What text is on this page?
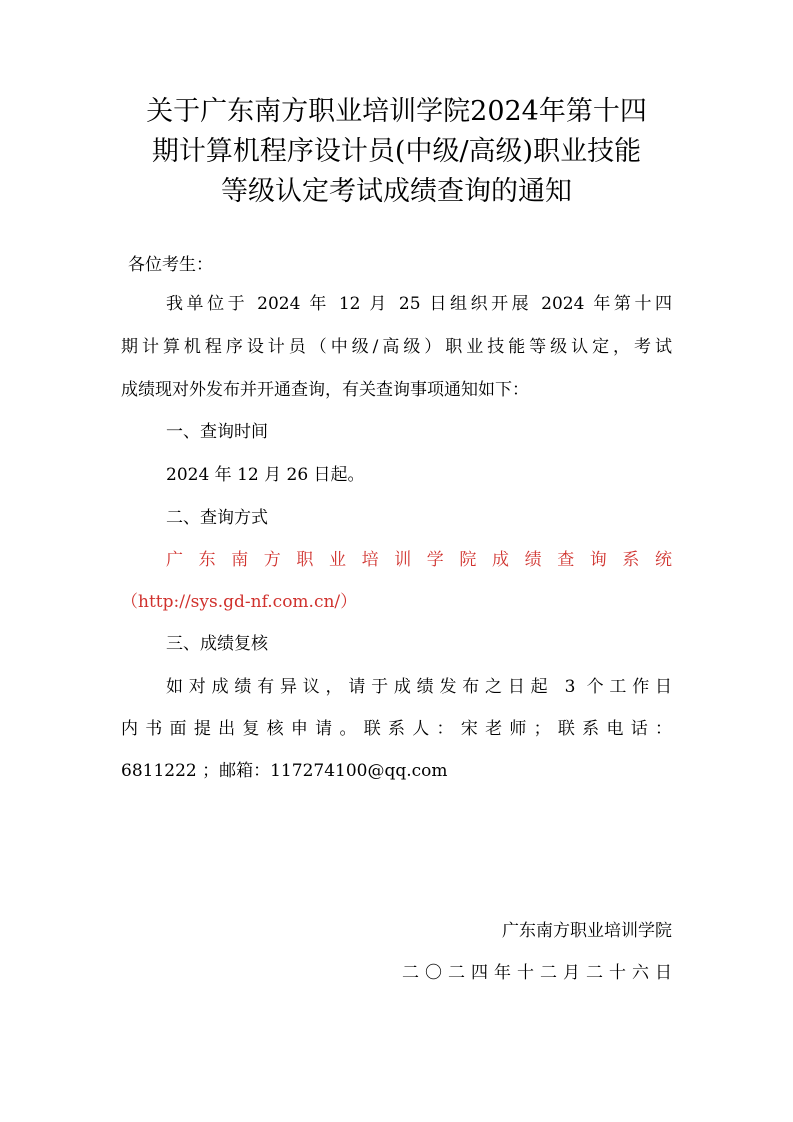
关于广东南方职业培训学院2024年第十四
期计算机程序设计员(中级/高级)职业技能
等级认定考试成绩查询的通知
各位考生：
我单位于 2024 年 12 月 25 日组织开展 2024 年第十四
期计算机程序设计员（中级/高级）职业技能等级认定，考试
成绩现对外发布并开通查询，有关查询事项通知如下：
一、查询时间
2024 年 12 月 26 日起。
二、查询方式
广东南方职业培训学院成绩查询系统
（http://sys.gd-nf.com.cn/）
三、成绩复核
如对成绩有异议，请于成绩发布之日起 3 个工作日
内书面提出复核申请。联系人：宋老师；联系电话：
6811222 ；邮箱：117274100@qq.com
广东南方职业培训学院
二〇二四年十二月二十六日
